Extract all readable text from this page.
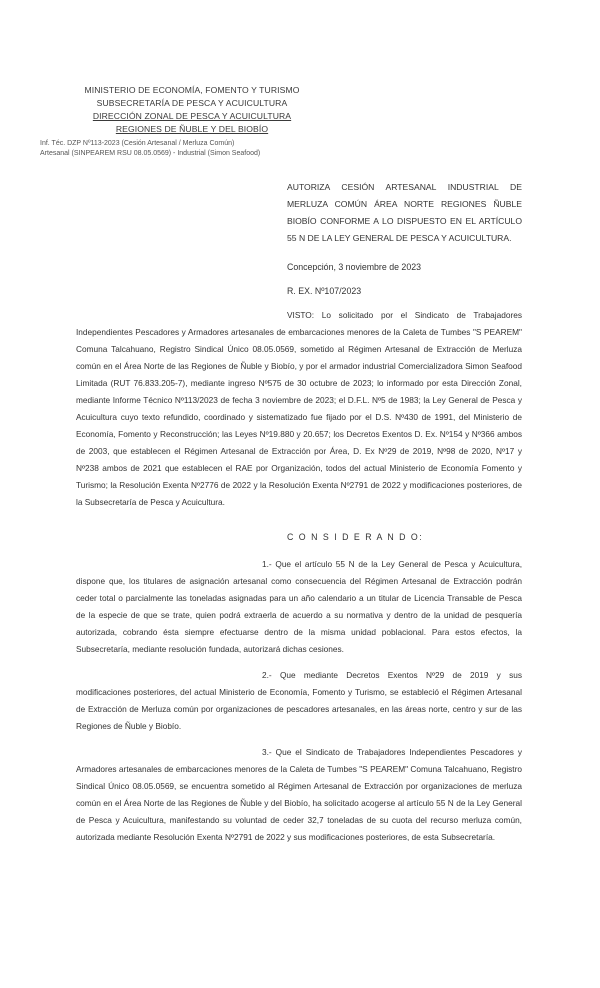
MINISTERIO DE ECONOMÍA, FOMENTO Y TURISMO
SUBSECRETARÍA DE PESCA Y ACUICULTURA
DIRECCIÓN ZONAL DE PESCA Y ACUICULTURA
REGIONES DE ÑUBLE Y DEL BIOBÍO
Inf. Téc. DZP Nº113-2023 (Cesión Artesanal / Merluza Común)
Artesanal (SINPEAREM RSU 08.05.0569) - Industrial (Simon Seafood)
AUTORIZA CESIÓN ARTESANAL INDUSTRIAL DE MERLUZA COMÚN ÁREA NORTE REGIONES ÑUBLE BIOBÍO CONFORME A LO DISPUESTO EN EL ARTÍCULO 55 N DE LA LEY GENERAL DE PESCA Y ACUICULTURA.
Concepción, 3 noviembre de 2023
R. EX. Nº107/2023
VISTO: Lo solicitado por el Sindicato de Trabajadores Independientes Pescadores y Armadores artesanales de embarcaciones menores de la Caleta de Tumbes "S PEAREM" Comuna Talcahuano, Registro Sindical Único 08.05.0569, sometido al Régimen Artesanal de Extracción de Merluza común en el Área Norte de las Regiones de Ñuble y Biobío, y por el armador industrial Comercializadora Simon Seafood Limitada (RUT 76.833.205-7), mediante ingreso Nº575 de 30 octubre de 2023; lo informado por esta Dirección Zonal, mediante Informe Técnico Nº113/2023 de fecha 3 noviembre de 2023; el D.F.L. Nº5 de 1983; la Ley General de Pesca y Acuicultura cuyo texto refundido, coordinado y sistematizado fue fijado por el D.S. Nº430 de 1991, del Ministerio de Economía, Fomento y Reconstrucción; las Leyes Nº19.880 y 20.657; los Decretos Exentos D. Ex. Nº154 y Nº366 ambos de 2003, que establecen el Régimen Artesanal de Extracción por Área, D. Ex Nº29 de 2019, Nº98 de 2020, Nº17 y Nº238 ambos de 2021 que establecen el RAE por Organización, todos del actual Ministerio de Economía Fomento y Turismo; la Resolución Exenta Nº2776 de 2022 y la Resolución Exenta Nº2791 de 2022 y modificaciones posteriores, de la Subsecretaría de Pesca y Acuicultura.
C O N S I D E R A N D O:
1.- Que el artículo 55 N de la Ley General de Pesca y Acuicultura, dispone que, los titulares de asignación artesanal como consecuencia del Régimen Artesanal de Extracción podrán ceder total o parcialmente las toneladas asignadas para un año calendario a un titular de Licencia Transable de Pesca de la especie de que se trate, quien podrá extraerla de acuerdo a su normativa y dentro de la unidad de pesquería autorizada, cobrando ésta siempre efectuarse dentro de la misma unidad poblacional. Para estos efectos, la Subsecretaría, mediante resolución fundada, autorizará dichas cesiones.
2.- Que mediante Decretos Exentos Nº29 de 2019 y sus modificaciones posteriores, del actual Ministerio de Economía, Fomento y Turismo, se estableció el Régimen Artesanal de Extracción de Merluza común por organizaciones de pescadores artesanales, en las áreas norte, centro y sur de las Regiones de Ñuble y Biobío.
3.- Que el Sindicato de Trabajadores Independientes Pescadores y Armadores artesanales de embarcaciones menores de la Caleta de Tumbes "S PEAREM" Comuna Talcahuano, Registro Sindical Único 08.05.0569, se encuentra sometido al Régimen Artesanal de Extracción por organizaciones de merluza común en el Área Norte de las Regiones de Ñuble y del Biobío, ha solicitado acogerse al artículo 55 N de la Ley General de Pesca y Acuicultura, manifestando su voluntad de ceder 32,7 toneladas de su cuota del recurso merluza común, autorizada mediante Resolución Exenta Nº2791 de 2022 y sus modificaciones posteriores, de esta Subsecretaría.
